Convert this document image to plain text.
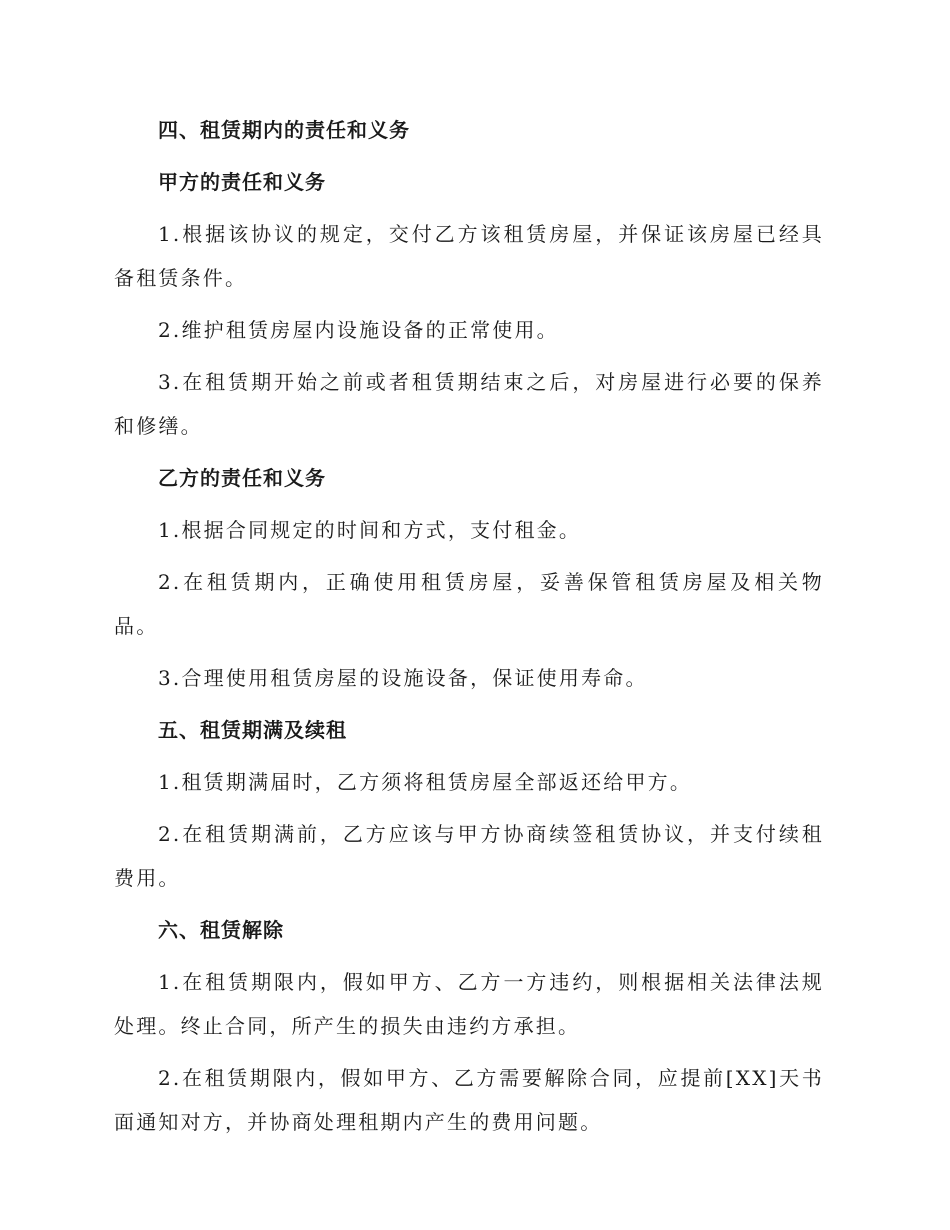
四、租赁期内的责任和义务
甲方的责任和义务

1.根据该协议的规定，交付乙方该租赁房屋，并保证该房屋已经具备租赁条件。

2.维护租赁房屋内设施设备的正常使用。

3.在租赁期开始之前或者租赁期结束之后，对房屋进行必要的保养和修缮。

乙方的责任和义务

1.根据合同规定的时间和方式，支付租金。

2.在租赁期内，正确使用租赁房屋，妥善保管租赁房屋及相关物品。

3.合理使用租赁房屋的设施设备，保证使用寿命。

五、租赁期满及续租

1.租赁期满届时，乙方须将租赁房屋全部返还给甲方。

2.在租赁期满前，乙方应该与甲方协商续签租赁协议，并支付续租费用。

六、租赁解除

1.在租赁期限内，假如甲方、乙方一方违约，则根据相关法律法规处理。终止合同，所产生的损失由违约方承担。

2.在租赁期限内，假如甲方、乙方需要解除合同，应提前[XX]天书面通知对方，并协商处理租期内产生的费用问题。
